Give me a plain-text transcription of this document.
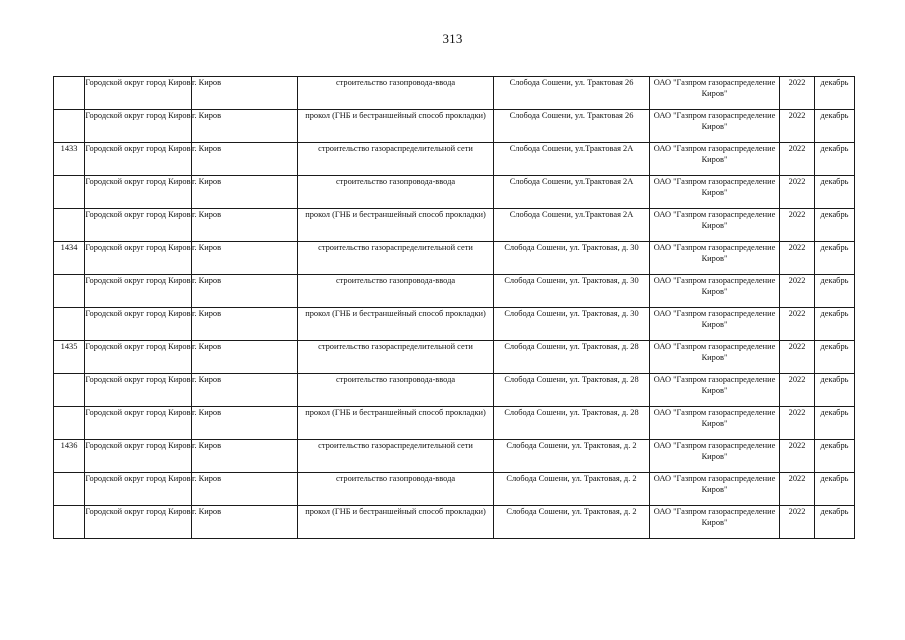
313
	Городской округ город Киров	г. Киров	строительство газопровода-ввода	Слобода Сошени, ул. Трактовая 26	ОАО "Газпром газораспределение Киров"	2022	декабрь
	Городской округ город Киров	г. Киров	прокол (ГНБ и бестраншейный способ прокладки)	Слобода Сошени, ул. Трактовая 26	ОАО "Газпром газораспределение Киров"	2022	декабрь
1433	Городской округ город Киров	г. Киров	строительство газораспределительной сети	Слобода Сошени, ул.Трактовая 2А	ОАО "Газпром газораспределение Киров"	2022	декабрь
	Городской округ город Киров	г. Киров	строительство газопровода-ввода	Слобода Сошени, ул.Трактовая 2А	ОАО "Газпром газораспределение Киров"	2022	декабрь
	Городской округ город Киров	г. Киров	прокол (ГНБ и бестраншейный способ прокладки)	Слобода Сошени, ул.Трактовая 2А	ОАО "Газпром газораспределение Киров"	2022	декабрь
1434	Городской округ город Киров	г. Киров	строительство газораспределительной сети	Слобода Сошени, ул. Трактовая, д. 30	ОАО "Газпром газораспределение Киров"	2022	декабрь
	Городской округ город Киров	г. Киров	строительство газопровода-ввода	Слобода Сошени, ул. Трактовая, д. 30	ОАО "Газпром газораспределение Киров"	2022	декабрь
	Городской округ город Киров	г. Киров	прокол (ГНБ и бестраншейный способ прокладки)	Слобода Сошени, ул. Трактовая, д. 30	ОАО "Газпром газораспределение Киров"	2022	декабрь
1435	Городской округ город Киров	г. Киров	строительство газораспределительной сети	Слобода Сошени, ул. Трактовая, д. 28	ОАО "Газпром газораспределение Киров"	2022	декабрь
	Городской округ город Киров	г. Киров	строительство газопровода-ввода	Слобода Сошени, ул. Трактовая, д. 28	ОАО "Газпром газораспределение Киров"	2022	декабрь
	Городской округ город Киров	г. Киров	прокол (ГНБ и бестраншейный способ прокладки)	Слобода Сошени, ул. Трактовая, д. 28	ОАО "Газпром газораспределение Киров"	2022	декабрь
1436	Городской округ город Киров	г. Киров	строительство газораспределительной сети	Слобода Сошени, ул. Трактовая, д. 2	ОАО "Газпром газораспределение Киров"	2022	декабрь
	Городской округ город Киров	г. Киров	строительство газопровода-ввода	Слобода Сошени, ул. Трактовая, д. 2	ОАО "Газпром газораспределение Киров"	2022	декабрь
	Городской округ город Киров	г. Киров	прокол (ГНБ и бестраншейный способ прокладки)	Слобода Сошени, ул. Трактовая, д. 2	ОАО "Газпром газораспределение Киров"	2022	декабрь
